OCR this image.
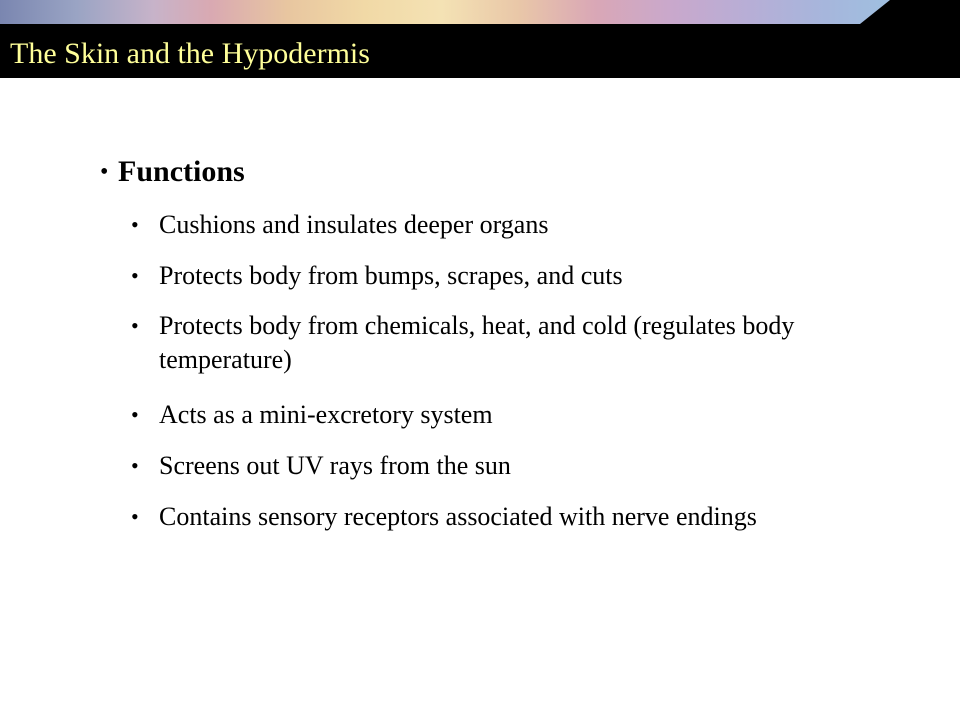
The Skin and the Hypodermis
• Functions
• Cushions and insulates deeper organs
• Protects body from bumps, scrapes, and cuts
• Protects body from chemicals, heat, and cold (regulates body temperature)
• Acts as a mini-excretory system
• Screens out UV rays from the sun
• Contains sensory receptors associated with nerve endings
